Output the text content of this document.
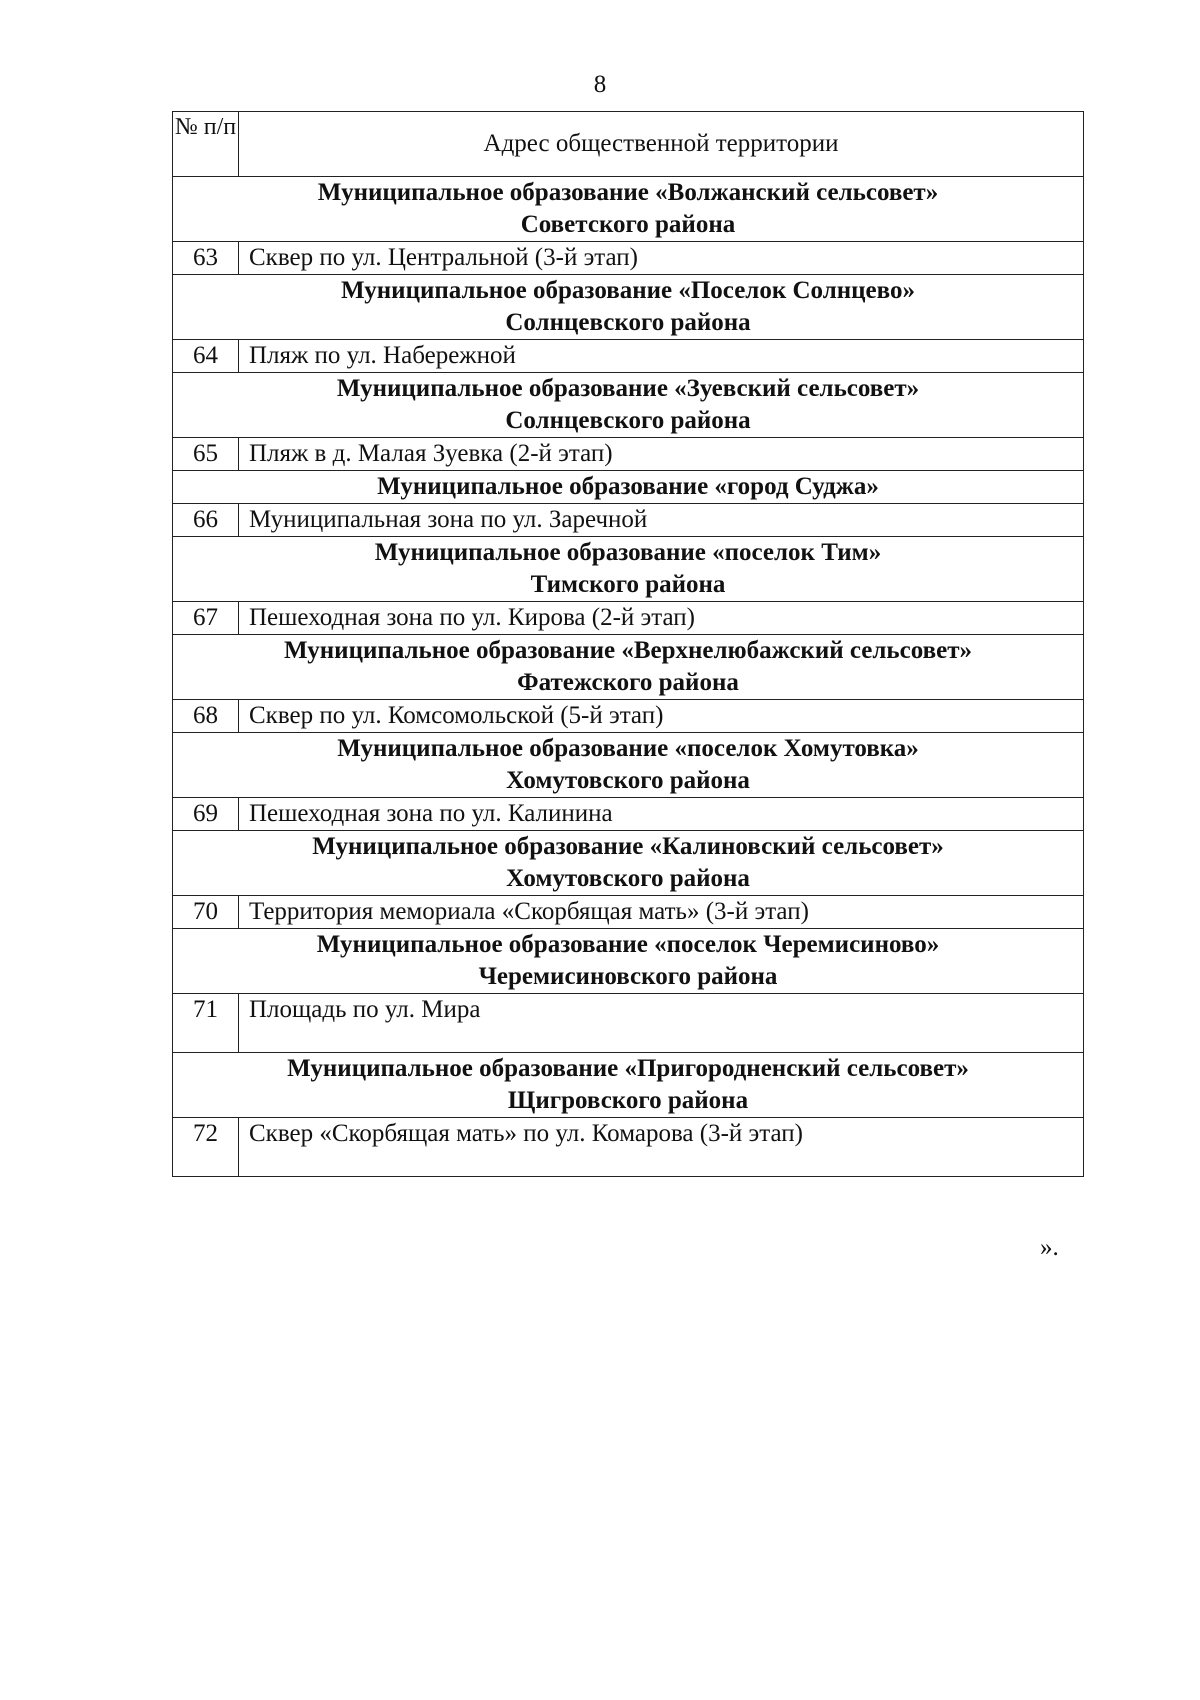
8
№ п/п	Адрес общественной территории

Муниципальное образование «Волжанский сельсовет»
Советского района	

63	Сквер по ул. Центральной (3-й этап)

Муниципальное образование «Поселок Солнцево»
Солнцевского района	

64	Пляж по ул. Набережной

Муниципальное образование «Зуевский сельсовет»
Солнцевского района	

65	Пляж в д. Малая Зуевка (2-й этап)

Муниципальное образование «город Суджа»	

66	Муниципальная зона по ул. Заречной

Муниципальное образование «поселок Тим»
Тимского района	

67	Пешеходная зона по ул. Кирова (2-й этап)

Муниципальное образование «Верхнелюбажский сельсовет»
Фатежского района	

68	Сквер по ул. Комсомольской (5-й этап)

Муниципальное образование «поселок Хомутовка»
Хомутовского района	

69	Пешеходная зона по ул. Калинина

Муниципальное образование «Калиновский сельсовет»
Хомутовского района	

70	Территория мемориала «Скорбящая мать» (3-й этап)

Муниципальное образование «поселок Черемисиново»
Черемисиновского района	

71	Площадь по ул. Мира

Муниципальное образование «Пригородненский сельсовет»
Щигровского района	

72	Сквер «Скорбящая мать» по ул. Комарова (3-й этап)
».
